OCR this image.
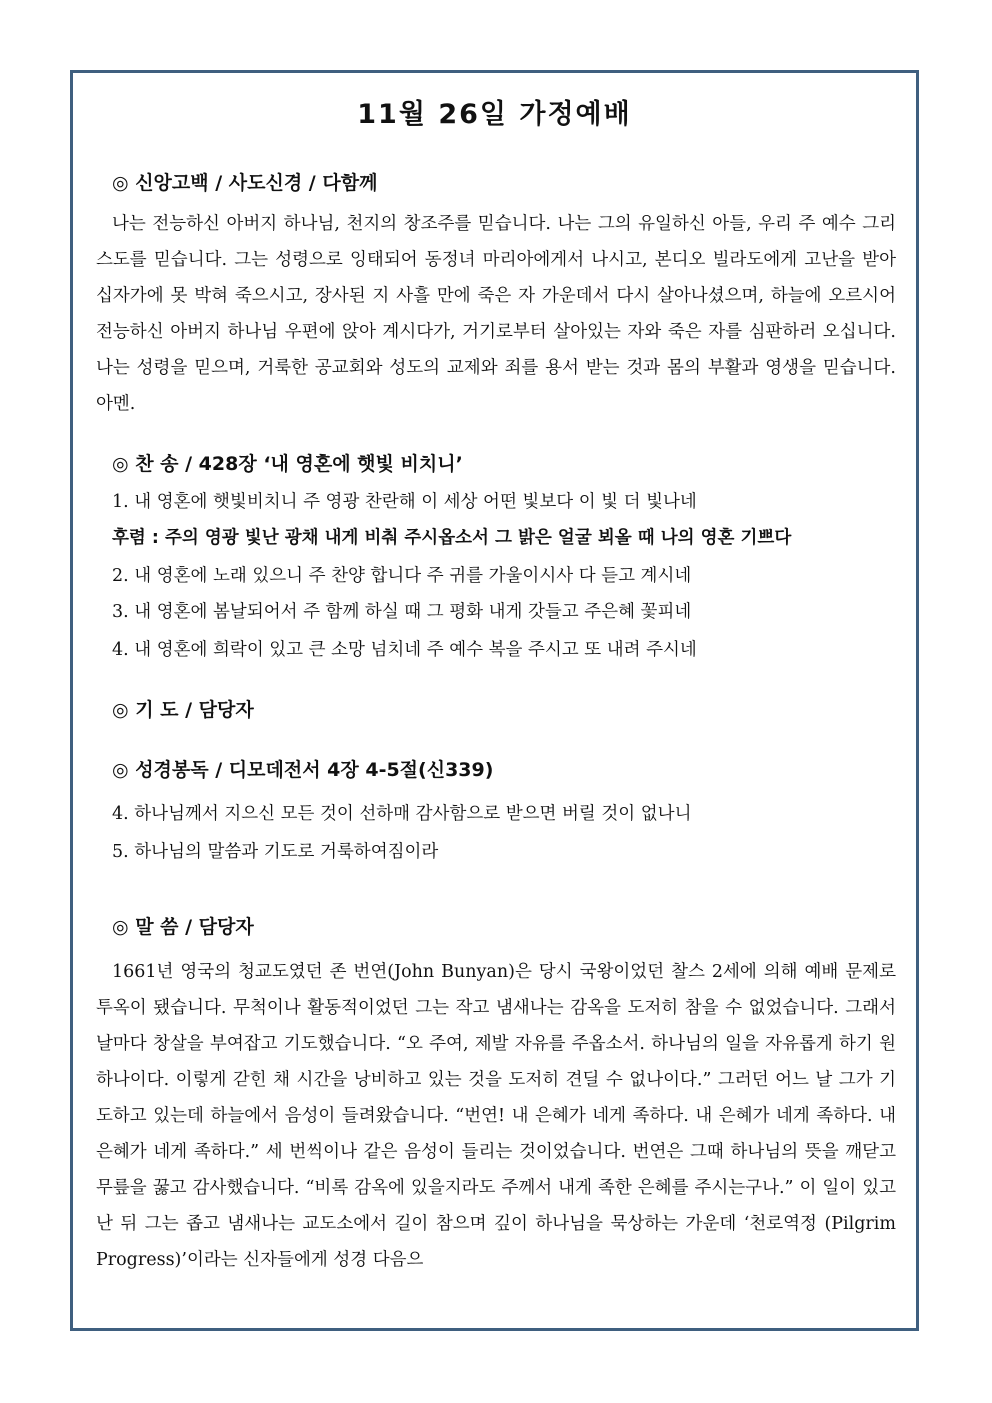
11월 26일 가정예배
◎ 신앙고백 / 사도신경 / 다함께
나는 전능하신 아버지 하나님, 천지의 창조주를 믿습니다. 나는 그의 유일하신 아들, 우리 주 예수 그리스도를 믿습니다. 그는 성령으로 잉태되어 동정녀 마리아에게서 나시고, 본디오 빌라도에게 고난을 받아 십자가에 못 박혀 죽으시고, 장사된 지 사흘 만에 죽은 자 가운데서 다시 살아나셨으며, 하늘에 오르시어 전능하신 아버지 하나님 우편에 앉아 계시다가, 거기로부터 살아있는 자와 죽은 자를 심판하러 오십니다. 나는 성령을 믿으며, 거룩한 공교회와 성도의 교제와 죄를 용서 받는 것과 몸의 부활과 영생을 믿습니다. 아멘.
◎ 찬 송 / 428장 ‘내 영혼에 햇빛 비치니’
1. 내 영혼에 햇빛비치니 주 영광 찬란해 이 세상 어떤 빛보다 이 빛 더 빛나네
후렴 : 주의 영광 빛난 광채 내게 비춰 주시옵소서 그 밝은 얼굴 뵈올 때 나의 영혼 기쁘다
2. 내 영혼에 노래 있으니 주 찬양 합니다 주 귀를 가울이시사 다 듣고 계시네
3. 내 영혼에 봄날되어서 주 함께 하실 때 그 평화 내게 갓들고 주은혜 꽃피네
4. 내 영혼에 희락이 있고 큰 소망 넘치네 주 예수 복을 주시고 또 내려 주시네
◎ 기 도 / 담당자
◎ 성경봉독 / 디모데전서 4장 4-5절(신339)
4. 하나님께서 지으신 모든 것이 선하매 감사함으로 받으면 버릴 것이 없나니
5. 하나님의 말씀과 기도로 거룩하여짐이라
◎ 말 씀 / 담당자
1661년 영국의 청교도였던 존 번연(John Bunyan)은 당시 국왕이었던 찰스 2세에 의해 예배 문제로 투옥이 됐습니다. 무척이나 활동적이었던 그는 작고 냄새나는 감옥을 도저히 참을 수 없었습니다. 그래서 날마다 창살을 부여잡고 기도했습니다. “오 주여, 제발 자유를 주옵소서. 하나님의 일을 자유롭게 하기 원하나이다. 이렇게 갇힌 채 시간을 낭비하고 있는 것을 도저히 견딜 수 없나이다.” 그러던 어느 날 그가 기도하고 있는데 하늘에서 음성이 들려왔습니다. “번연! 내 은혜가 네게 족하다. 내 은혜가 네게 족하다. 내 은혜가 네게 족하다.” 세 번씩이나 같은 음성이 들리는 것이었습니다. 번연은 그때 하나님의 뜻을 깨닫고 무릎을 꿇고 감사했습니다. “비록 감옥에 있을지라도 주께서 내게 족한 은혜를 주시는구나.” 이 일이 있고 난 뒤 그는 좁고 냄새나는 교도소에서 길이 참으며 깊이 하나님을 묵상하는 가운데 ‘천로역정 (Pilgrim Progress)’이라는 신자들에게 성경 다음으
